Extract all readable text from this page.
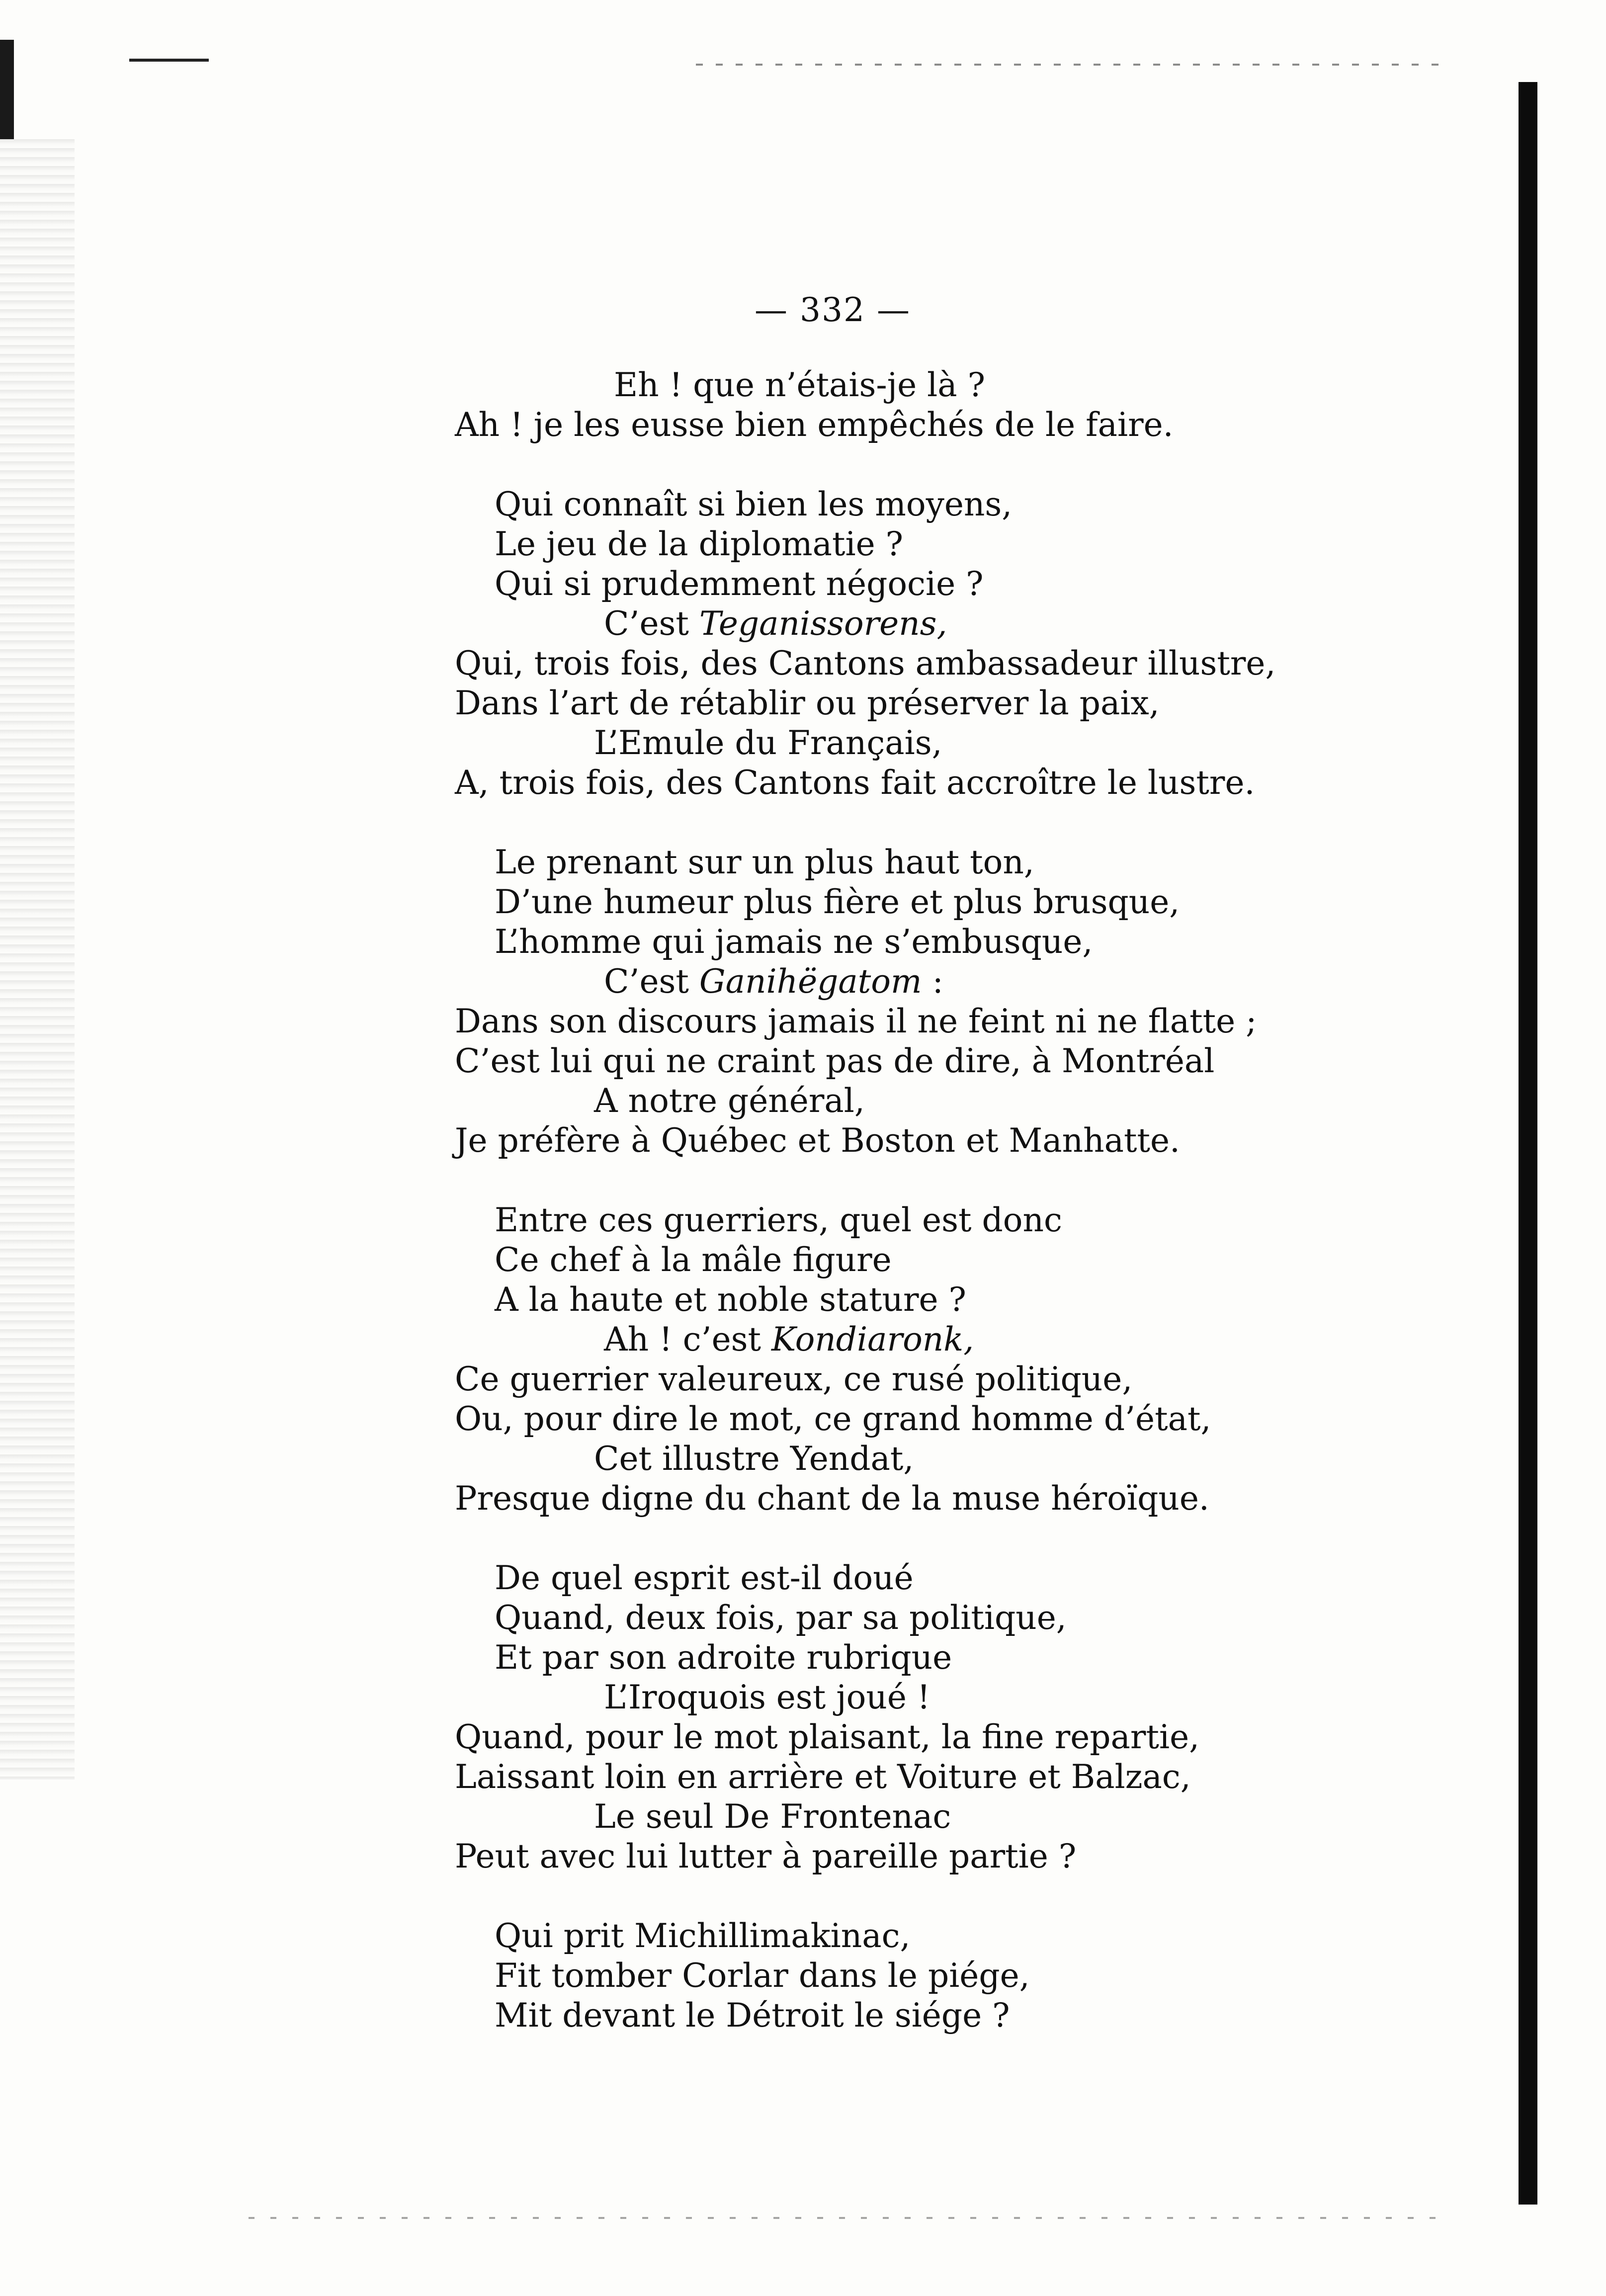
— 332 —
Eh ! que n’étais-je là ?
Ah ! je les eusse bien empêchés de le faire.
Qui connaît si bien les moyens,
Le jeu de la diplomatie ?
Qui si prudemment négocie ?
C’est Teganissorens,
Qui, trois fois, des Cantons ambassadeur illustre,
Dans l’art de rétablir ou préserver la paix,
L’Emule du Français,
A, trois fois, des Cantons fait accroître le lustre.
Le prenant sur un plus haut ton,
D’une humeur plus fière et plus brusque,
L’homme qui jamais ne s’embusque,
C’est Ganihëgatom :
Dans son discours jamais il ne feint ni ne flatte ;
C’est lui qui ne craint pas de dire, à Montréal
A notre général,
Je préfère à Québec et Boston et Manhatte.
Entre ces guerriers, quel est donc
Ce chef à la mâle figure
A la haute et noble stature ?
Ah ! c’est Kondiaronk,
Ce guerrier valeureux, ce rusé politique,
Ou, pour dire le mot, ce grand homme d’état,
Cet illustre Yendat,
Presque digne du chant de la muse héroïque.
De quel esprit est-il doué
Quand, deux fois, par sa politique,
Et par son adroite rubrique
L’Iroquois est joué !
Quand, pour le mot plaisant, la fine repartie,
Laissant loin en arrière et Voiture et Balzac,
Le seul De Frontenac
Peut avec lui lutter à pareille partie ?
Qui prit Michillimakinac,
Fit tomber Corlar dans le piége,
Mit devant le Détroit le siége ?
